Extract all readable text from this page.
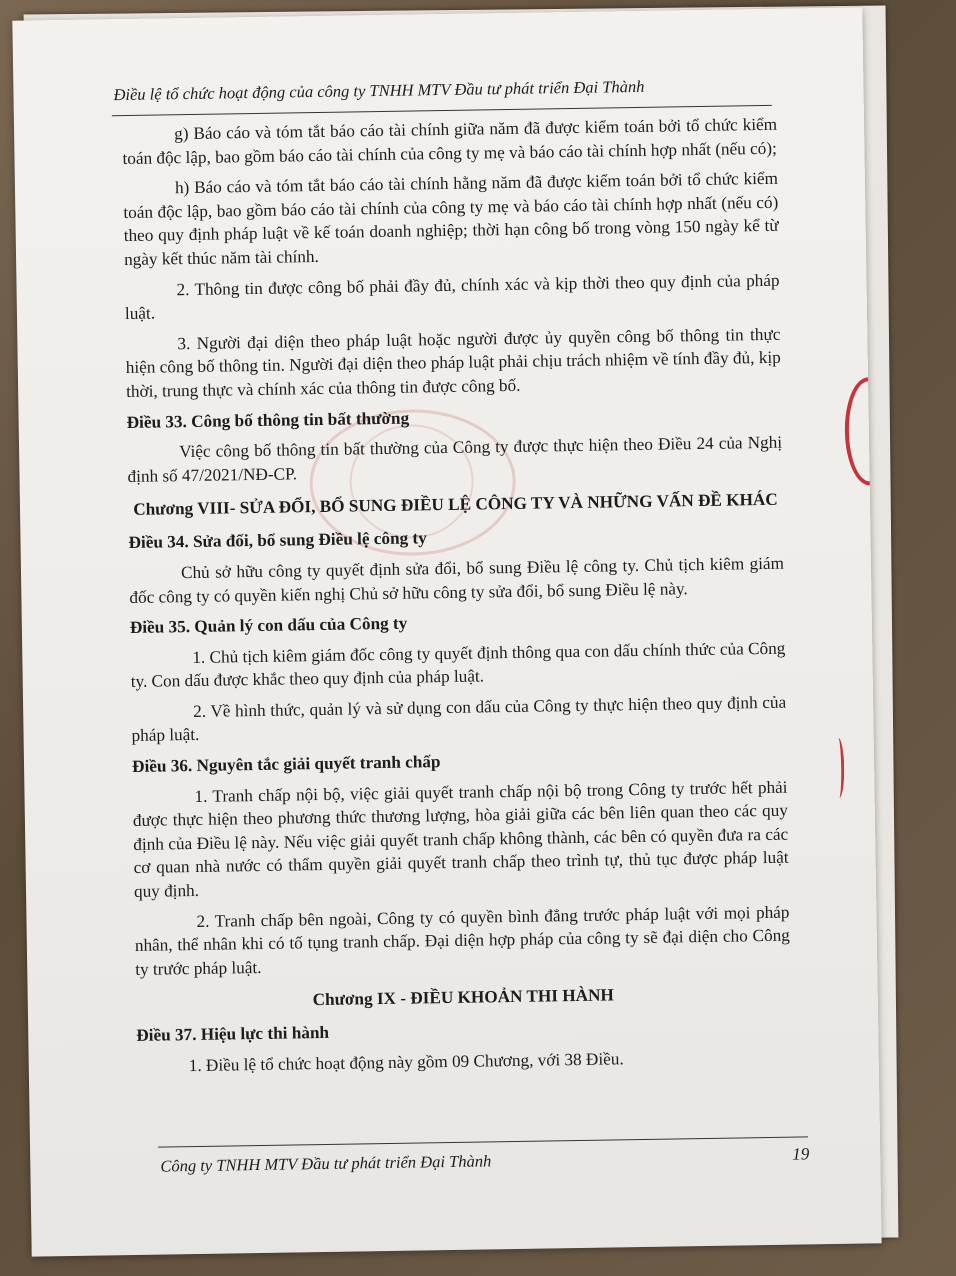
Điều lệ tổ chức hoạt động của công ty TNHH MTV Đầu tư phát triển Đại Thành

g) Báo cáo và tóm tắt báo cáo tài chính giữa năm đã được kiểm toán bởi tổ chức kiểm toán độc lập, bao gồm báo cáo tài chính của công ty mẹ và báo cáo tài chính hợp nhất (nếu có);

h) Báo cáo và tóm tắt báo cáo tài chính hằng năm đã được kiểm toán bởi tổ chức kiểm toán độc lập, bao gồm báo cáo tài chính của công ty mẹ và báo cáo tài chính hợp nhất (nếu có) theo quy định pháp luật về kế toán doanh nghiệp; thời hạn công bố trong vòng 150 ngày kể từ ngày kết thúc năm tài chính.

2. Thông tin được công bố phải đầy đủ, chính xác và kịp thời theo quy định của pháp luật.

3. Người đại diện theo pháp luật hoặc người được ủy quyền công bố thông tin thực hiện công bố thông tin. Người đại diện theo pháp luật phải chịu trách nhiệm về tính đầy đủ, kịp thời, trung thực và chính xác của thông tin được công bố.

Điều 33. Công bố thông tin bất thường

Việc công bố thông tin bất thường của Công ty được thực hiện theo Điều 24 của Nghị định số 47/2021/NĐ-CP.

Chương VIII- SỬA ĐỔI, BỔ SUNG ĐIỀU LỆ CÔNG TY VÀ NHỮNG VẤN ĐỀ KHÁC

Điều 34. Sửa đổi, bổ sung Điều lệ công ty

Chủ sở hữu công ty quyết định sửa đổi, bổ sung Điều lệ công ty. Chủ tịch kiêm giám đốc công ty có quyền kiến nghị Chủ sở hữu công ty sửa đổi, bổ sung Điều lệ này.

Điều 35. Quản lý con dấu của Công ty

1. Chủ tịch kiêm giám đốc công ty quyết định thông qua con dấu chính thức của Công ty. Con dấu được khắc theo quy định của pháp luật.

2. Về hình thức, quản lý và sử dụng con dấu của Công ty thực hiện theo quy định của pháp luật.

Điều 36. Nguyên tắc giải quyết tranh chấp

1. Tranh chấp nội bộ, việc giải quyết tranh chấp nội bộ trong Công ty trước hết phải được thực hiện theo phương thức thương lượng, hòa giải giữa các bên liên quan theo các quy định của Điều lệ này. Nếu việc giải quyết tranh chấp không thành, các bên có quyền đưa ra các cơ quan nhà nước có thẩm quyền giải quyết tranh chấp theo trình tự, thủ tục được pháp luật quy định.

2. Tranh chấp bên ngoài, Công ty có quyền bình đẳng trước pháp luật với mọi pháp nhân, thể nhân khi có tố tụng tranh chấp. Đại diện hợp pháp của công ty sẽ đại diện cho Công ty trước pháp luật.

Chương IX - ĐIỀU KHOẢN THI HÀNH

Điều 37. Hiệu lực thi hành

1. Điều lệ tổ chức hoạt động này gồm 09 Chương, với 38 Điều.

Công ty TNHH MTV Đầu tư phát triển Đại Thành	19
